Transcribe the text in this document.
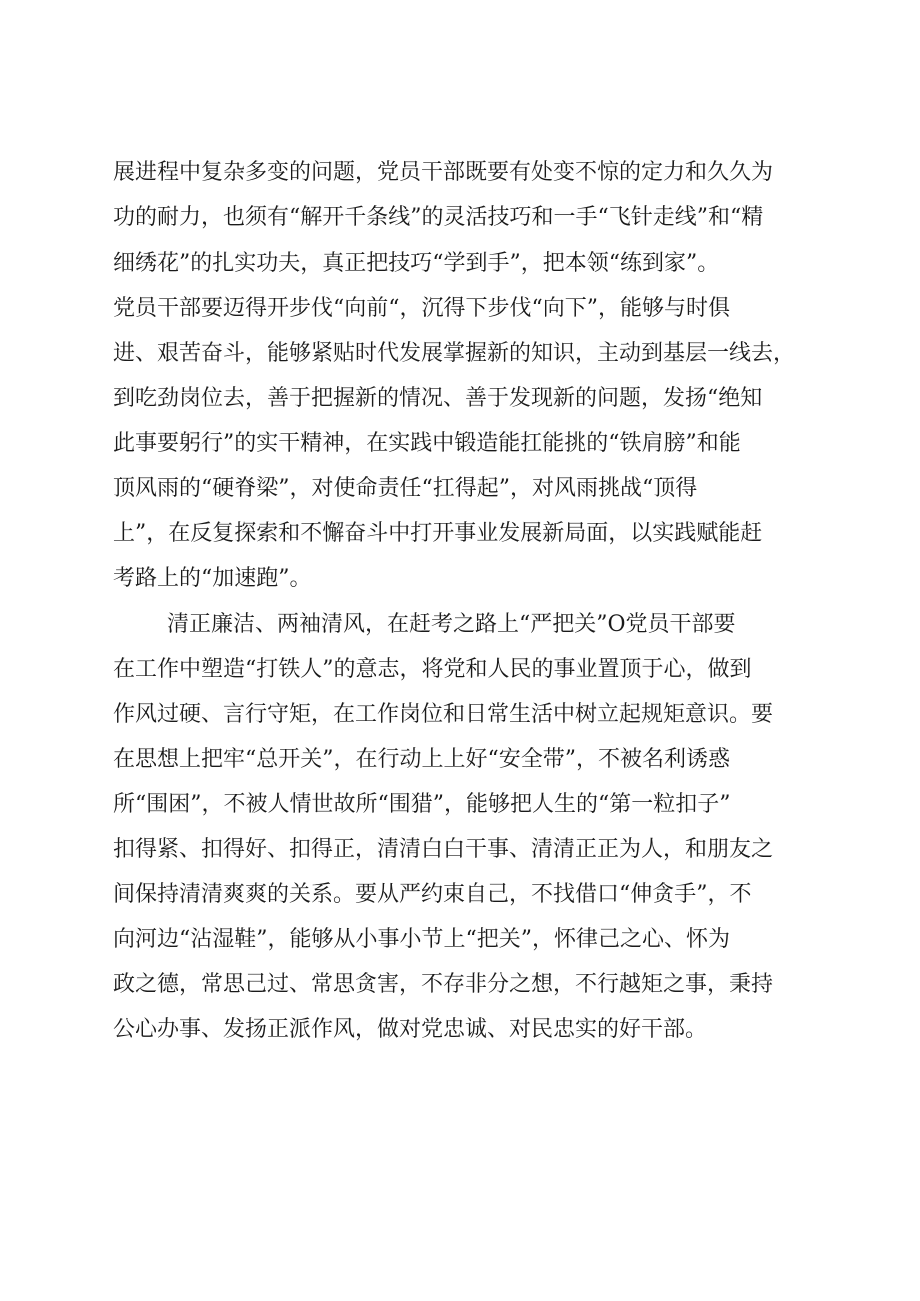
展进程中复杂多变的问题，党员干部既要有处变不惊的定力和久久为

功的耐力，也须有“解开千条线”的灵活技巧和一手“飞针走线”和“精

细绣花”的扎实功夫，真正把技巧“学到手”，把本领“练到家”。

党员干部要迈得开步伐“向前“，沉得下步伐“向下”，能够与时俱

进、艰苦奋斗，能够紧贴时代发展掌握新的知识，主动到基层一线去，

到吃劲岗位去，善于把握新的情况、善于发现新的问题，发扬“绝知

此事要躬行”的实干精神，在实践中锻造能扛能挑的“铁肩膀”和能

顶风雨的“硬脊梁”，对使命责任“扛得起”，对风雨挑战“顶得

上”，在反复探索和不懈奋斗中打开事业发展新局面，以实践赋能赶

考路上的“加速跑”。

清正廉洁、两袖清风，在赶考之路上“严把关”O党员干部要

在工作中塑造“打铁人”的意志，将党和人民的事业置顶于心，做到

作风过硬、言行守矩，在工作岗位和日常生活中树立起规矩意识。要

在思想上把牢“总开关”，在行动上上好“安全带”，不被名利诱惑

所“围困”，不被人情世故所“围猎”，能够把人生的“第一粒扣子”

扣得紧、扣得好、扣得正，清清白白干事、清清正正为人，和朋友之

间保持清清爽爽的关系。要从严约束自己，不找借口“伸贪手”，不

向河边“沾湿鞋”，能够从小事小节上“把关”，怀律己之心、怀为

政之德，常思己过、常思贪害，不存非分之想，不行越矩之事，秉持

公心办事、发扬正派作风，做对党忠诚、对民忠实的好干部。
